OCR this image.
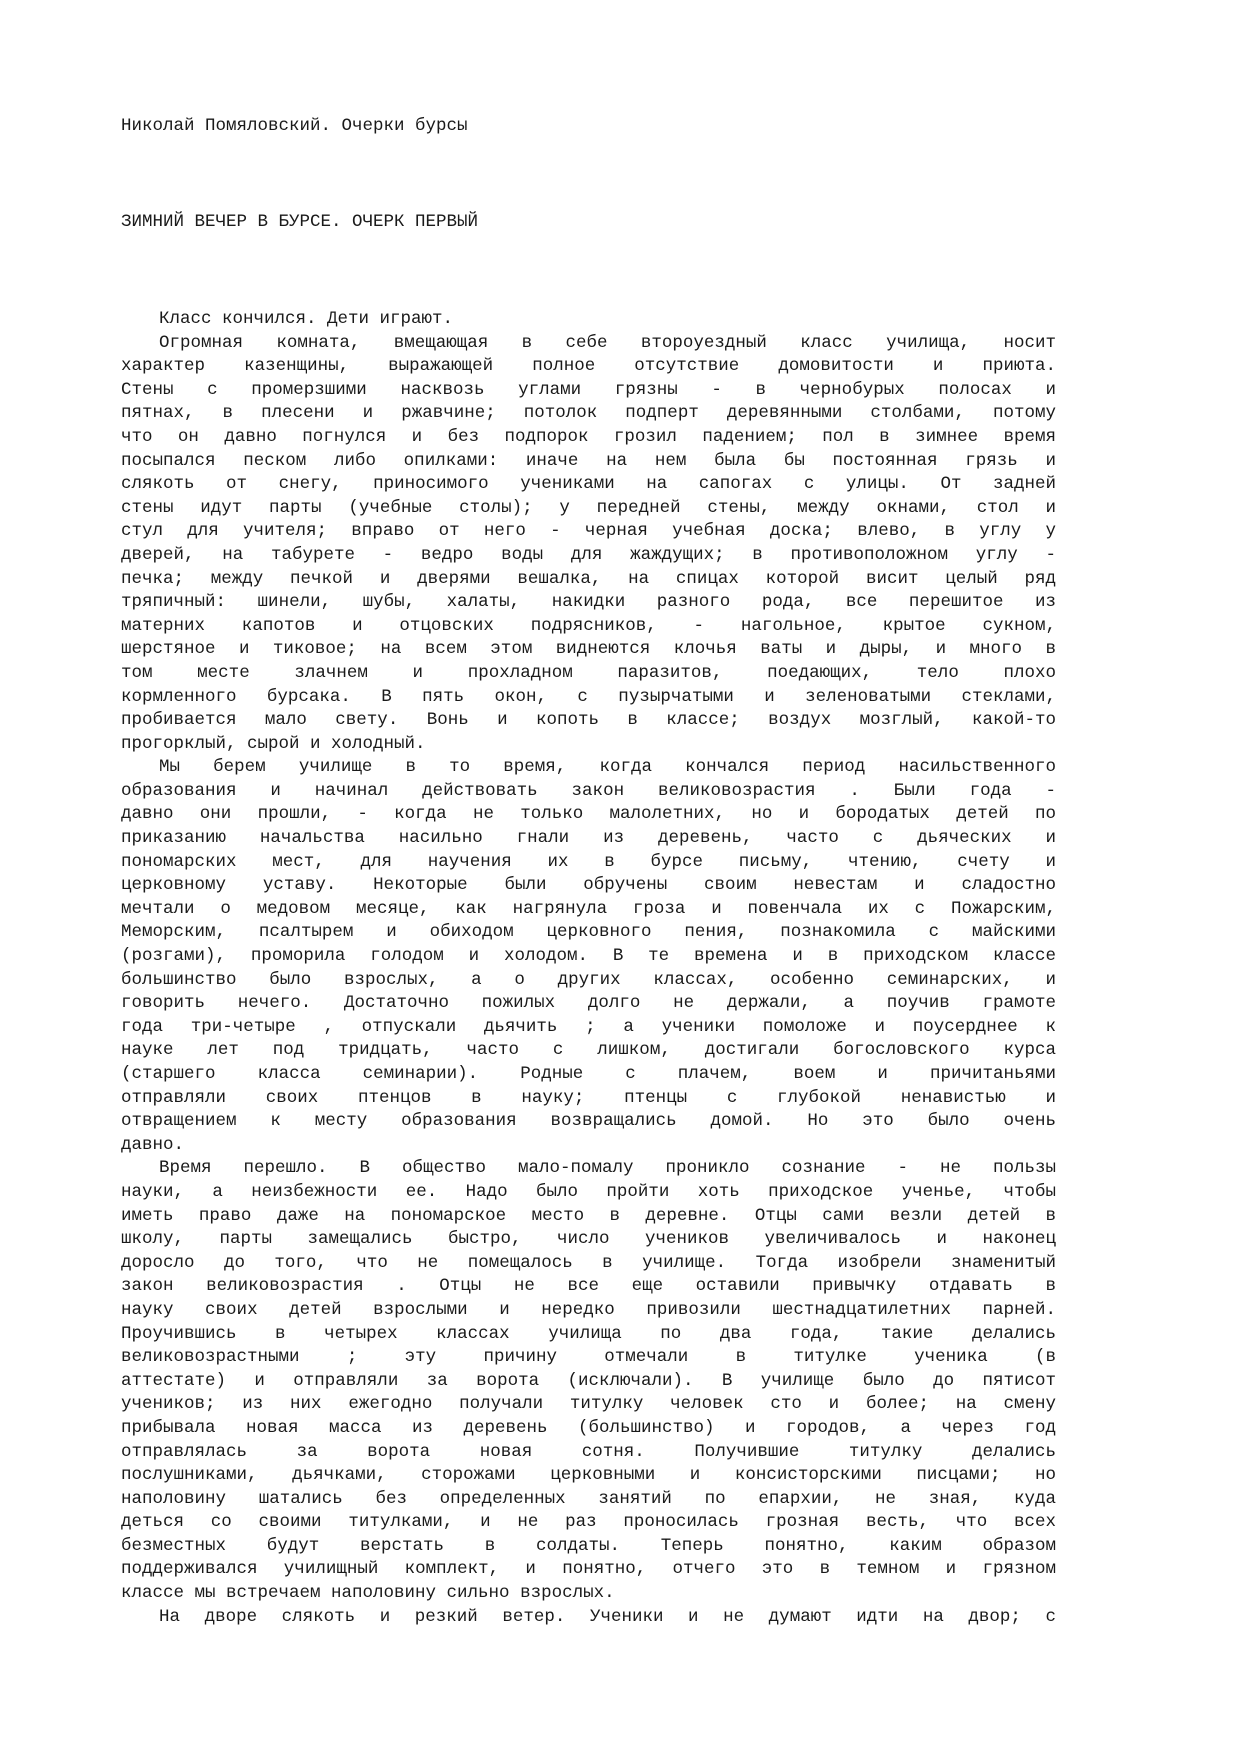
Николай Помяловский. Очерки бурсы
ЗИМНИЙ ВЕЧЕР В БУРСЕ. ОЧЕРК ПЕРВЫЙ
Класс кончился. Дети играют.
Огромная комната, вмещающая в себе второуездный класс училища, носит
характер казенщины, выражающей полное отсутствие домовитости и приюта.
Стены с промерзшими насквозь углами грязны - в чернобурых полосах и
пятнах, в плесени и ржавчине; потолок подперт деревянными столбами, потому
что он давно погнулся и без подпорок грозил падением; пол в зимнее время
посыпался песком либо опилками: иначе на нем была бы постоянная грязь и
слякоть от снегу, приносимого учениками на сапогах с улицы. От задней
стены идут парты (учебные столы); у передней стены, между окнами, стол и
стул для учителя; вправо от него - черная учебная доска; влево, в углу у
дверей, на табурете - ведро воды для жаждущих; в противоположном углу -
печка; между печкой и дверями вешалка, на спицах которой висит целый ряд
тряпичный: шинели, шубы, халаты, накидки разного рода, все перешитое из
матерних капотов и отцовских подрясников, - нагольное, крытое сукном,
шерстяное и тиковое; на всем этом виднеются клочья ваты и дыры, и много в
том месте злачнем и прохладном паразитов, поедающих, тело плохо
кормленного бурсака. В пять окон, с пузырчатыми и зеленоватыми стеклами,
пробивается мало свету. Вонь и копоть в классе; воздух мозглый, какой-то
прогорклый, сырой и холодный.
Мы берем училище в то время, когда кончался период насильственного
образования и начинал действовать закон великовозрастия . Были года -
давно они прошли, - когда не только малолетних, но и бородатых детей по
приказанию начальства насильно гнали из деревень, часто с дьяческих и
пономарских мест, для научения их в бурсе письму, чтению, счету и
церковному уставу. Некоторые были обручены своим невестам и сладостно
мечтали о медовом месяце, как нагрянула гроза и повенчала их с Пожарским,
Меморским, псалтырем и обиходом церковного пения, познакомила с майскими
(розгами), проморила голодом и холодом. В те времена и в приходском классе
большинство было взрослых, а о других классах, особенно семинарских, и
говорить нечего. Достаточно пожилых долго не держали, а поучив грамоте
года три-четыре , отпускали дьячить ; а ученики помоложе и поусерднее к
науке лет под тридцать, часто с лишком, достигали богословского курса
(старшего класса семинарии). Родные с плачем, воем и причитаньями
отправляли своих птенцов в науку; птенцы с глубокой ненавистью и
отвращением к месту образования возвращались домой. Но это было очень
давно.
Время перешло. В общество мало-помалу проникло сознание - не пользы
науки, а неизбежности ее. Надо было пройти хоть приходское ученье, чтобы
иметь право даже на пономарское место в деревне. Отцы сами везли детей в
школу, парты замещались быстро, число учеников увеличивалось и наконец
доросло до того, что не помещалось в училище. Тогда изобрели знаменитый
закон великовозрастия . Отцы не все еще оставили привычку отдавать в
науку своих детей взрослыми и нередко привозили шестнадцатилетних парней.
Проучившись в четырех классах училища по два года, такие делались
великовозрастными ; эту причину отмечали в титулке ученика (в
аттестате) и отправляли за ворота (исключали). В училище было до пятисот
учеников; из них ежегодно получали титулку человек сто и более; на смену
прибывала новая масса из деревень (большинство) и городов, а через год
отправлялась за ворота новая сотня. Получившие титулку делались
послушниками, дьячками, сторожами церковными и консисторскими писцами; но
наполовину шатались без определенных занятий по епархии, не зная, куда
деться со своими титулками, и не раз проносилась грозная весть, что всех
безместных будут верстать в солдаты. Теперь понятно, каким образом
поддерживался училищный комплект, и понятно, отчего это в темном и грязном
классе мы встречаем наполовину сильно взрослых.
На дворе слякоть и резкий ветер. Ученики и не думают идти на двор; с
